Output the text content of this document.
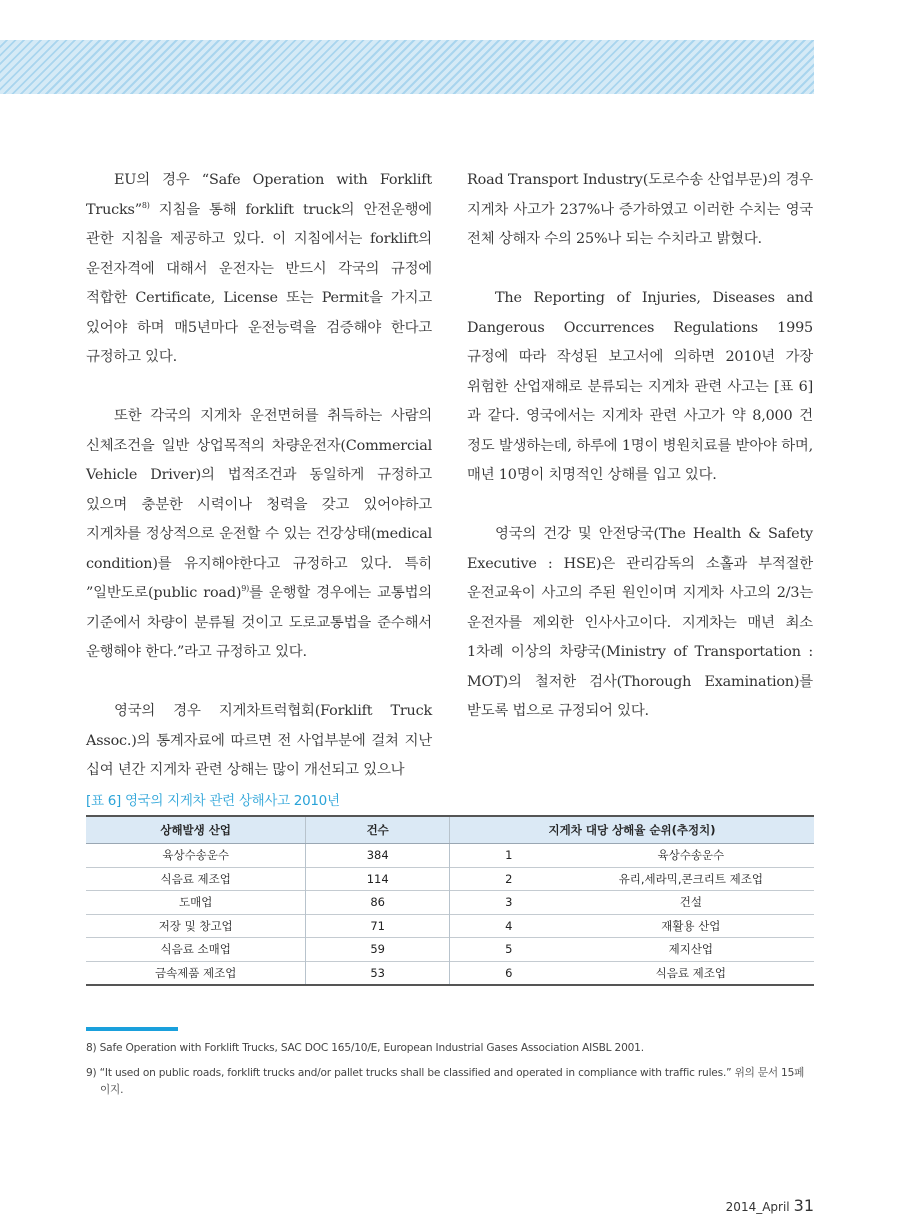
EU의 경우 “Safe Operation with Forklift Trucks”$^{8)}$ 지침을 통해 forklift truck의 안전운행에 관한 지침을 제공하고 있다. 이 지침에서는 forklift의 운전자격에 대해서 운전자는 반드시 각국의 규정에 적합한 Certificate, License 또는 Permit을 가지고 있어야 하며 매5년마다 운전능력을 검증해야 한다고 규정하고 있다.

또한 각국의 지게차 운전면허를 취득하는 사람의 신체조건을 일반 상업목적의 차량운전자(Commercial Vehicle Driver)의 법적조건과 동일하게 규정하고 있으며 충분한 시력이나 청력을 갖고 있어야하고 지게차를 정상적으로 운전할 수 있는 건강상태(medical condition)를 유지해야한다고 규정하고 있다. 특히 ”일반도로(public road)$^{9)}$를 운행할 경우에는 교통법의 기준에서 차량이 분류될 것이고 도로교통법을 준수해서 운행해야 한다.”라고 규정하고 있다.

영국의 경우 지게차트럭협회(Forklift Truck Assoc.)의 통계자료에 따르면 전 사업부분에 걸쳐 지난 십여 년간 지게차 관련 상해는 많이 개선되고 있으나

Road Transport Industry(도로수송 산업부문)의 경우 지게차 사고가 237%나 증가하였고 이러한 수치는 영국 전체 상해자 수의 25%나 되는 수치라고 밝혔다.

The Reporting of Injuries, Diseases and Dangerous Occurrences Regulations 1995 규정에 따라 작성된 보고서에 의하면 2010년 가장 위험한 산업재해로 분류되는 지게차 관련 사고는 [표 6]과 같다. 영국에서는 지게차 관련 사고가 약 8,000 건 정도 발생하는데, 하루에 1명이 병원치료를 받아야 하며, 매년 10명이 치명적인 상해를 입고 있다.

영국의 건강 및 안전당국(The Health & Safety Executive : HSE)은 관리감독의 소홀과 부적절한 운전교육이 사고의 주된 원인이며 지게차 사고의 2/3는 운전자를 제외한 인사사고이다. 지게차는 매년 최소 1차례 이상의 차량국(Ministry of Transportation : MOT)의 철저한 검사(Thorough Examination)를 받도록 법으로 규정되어 있다.

[표 6] 영국의 지게차 관련 상해사고 2010년
상해발생 산업	건수	지게차 대당 상해율 순위(추정치)	
육상수송운수	384	1	육상수송운수
식음료 제조업	114	2	유리,세라믹,콘크리트 제조업
도매업	86	3	건설
저장 및 창고업	71	4	재활용 산업
식음료 소매업	59	5	제지산업
금속제품 제조업	53	6	식음료 제조업

8) Safe Operation with Forklift Trucks, SAC DOC 165/10/E, European Industrial Gases Association AISBL 2001.

9) “It used on public roads, forklift trucks and/or pallet trucks shall be classified and operated in compliance with traffic rules.” 위의 문서 15페이지.

2014_April 31
